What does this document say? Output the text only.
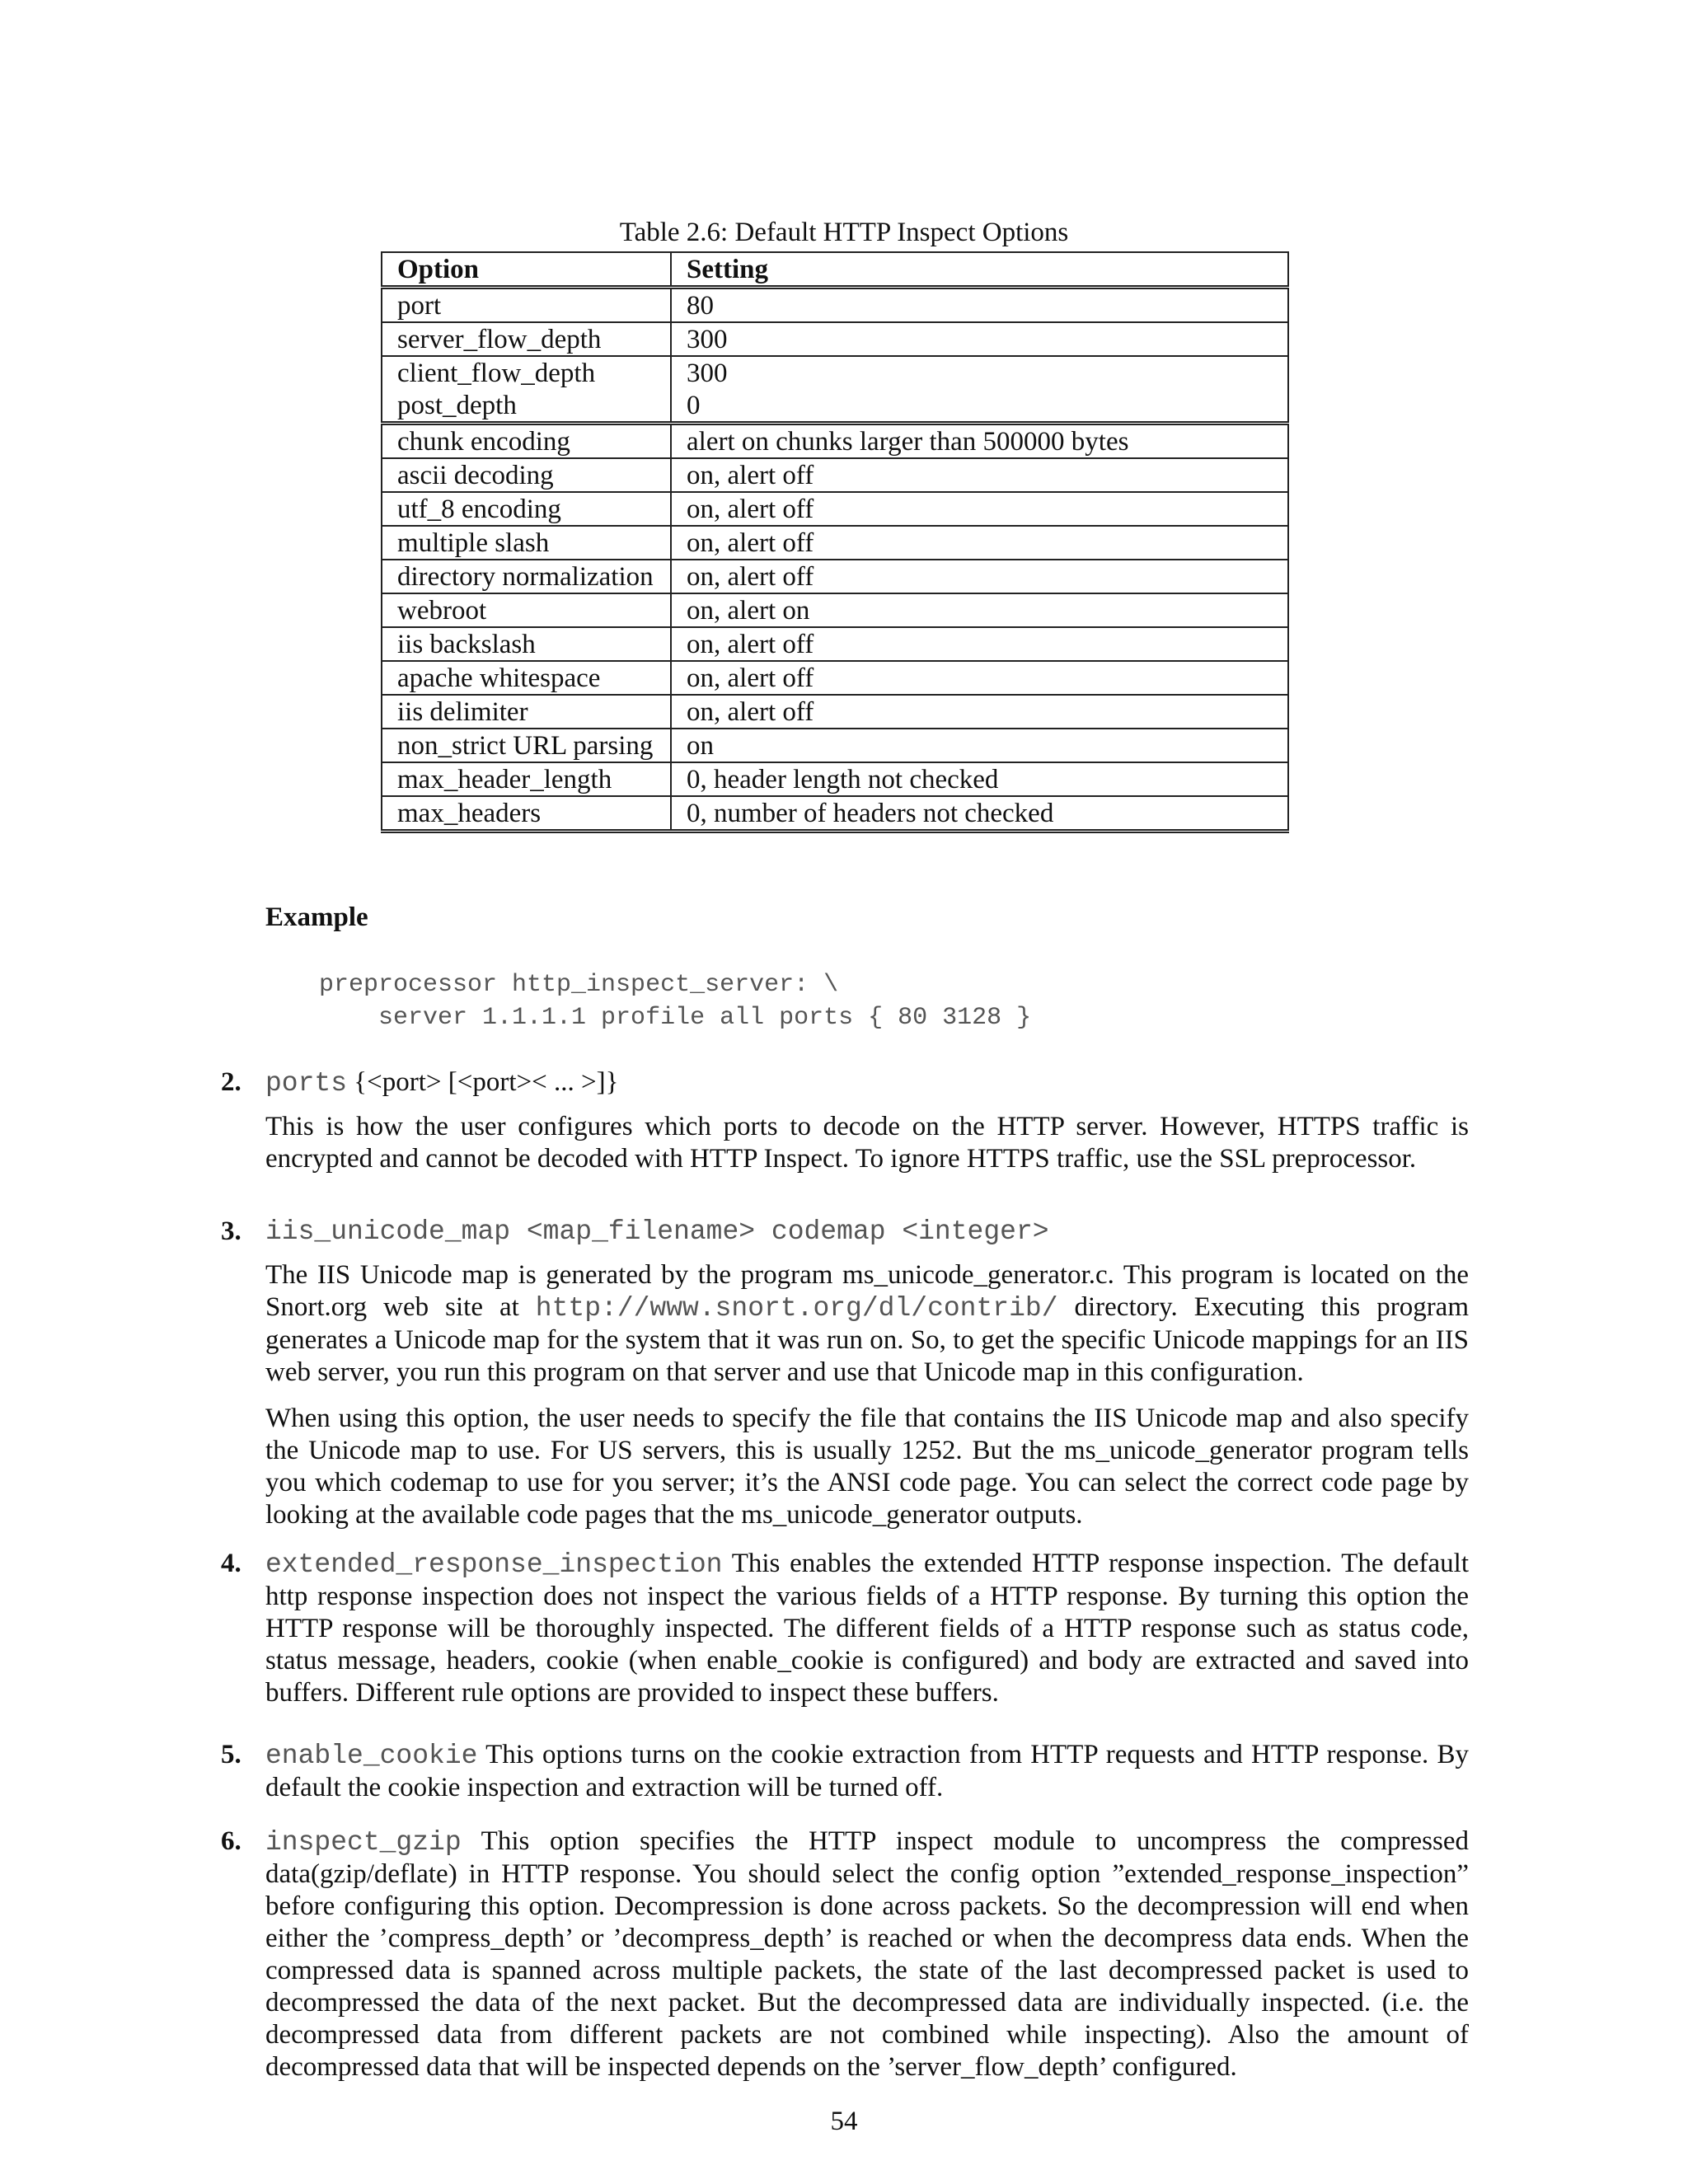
Table 2.6: Default HTTP Inspect Options
Option	Setting
port	80
server_flow_depth	300
client_flow_depth	300
post_depth	0
chunk encoding	alert on chunks larger than 500000 bytes
ascii decoding	on, alert off
utf_8 encoding	on, alert off
multiple slash	on, alert off
directory normalization	on, alert off
webroot	on, alert on
iis backslash	on, alert off
apache whitespace	on, alert off
iis delimiter	on, alert off
non_strict URL parsing	on
max_header_length	0, header length not checked
max_headers	0, number of headers not checked
Example
preprocessor http_inspect_server: \
server 1.1.1.1 profile all ports { 80 3128 }
2. ports {<port> [<port>< ... >]}

This is how the user configures which ports to decode on the HTTP server. However, HTTPS traffic is encrypted and cannot be decoded with HTTP Inspect. To ignore HTTPS traffic, use the SSL preprocessor.

3. iis_unicode_map <map_filename> codemap <integer>

The IIS Unicode map is generated by the program ms_unicode_generator.c. This program is located on the Snort.org web site at http://www.snort.org/dl/contrib/ directory. Executing this program generates a Unicode map for the system that it was run on. So, to get the specific Unicode mappings for an IIS web server, you run this program on that server and use that Unicode map in this configuration.

When using this option, the user needs to specify the file that contains the IIS Unicode map and also specify the Unicode map to use. For US servers, this is usually 1252. But the ms_unicode_generator program tells you which codemap to use for you server; it’s the ANSI code page. You can select the correct code page by looking at the available code pages that the ms_unicode_generator outputs.

4. extended_response_inspection This enables the extended HTTP response inspection. The default http response inspection does not inspect the various fields of a HTTP response. By turning this option the HTTP response will be thoroughly inspected. The different fields of a HTTP response such as status code, status message, headers, cookie (when enable_cookie is configured) and body are extracted and saved into buffers. Different rule options are provided to inspect these buffers.

5. enable_cookie This options turns on the cookie extraction from HTTP requests and HTTP response. By default the cookie inspection and extraction will be turned off.

6. inspect_gzip This option specifies the HTTP inspect module to uncompress the compressed data(gzip/deflate) in HTTP response. You should select the config option ”extended_response_inspection” before configuring this option. Decompression is done across packets. So the decompression will end when either the ’compress_depth’ or ’decompress_depth’ is reached or when the decompress data ends. When the compressed data is spanned across multiple packets, the state of the last decompressed packet is used to decompressed the data of the next packet. But the decompressed data are individually inspected. (i.e. the decompressed data from different packets are not combined while inspecting). Also the amount of decompressed data that will be inspected depends on the ’server_flow_depth’ configured.

54
